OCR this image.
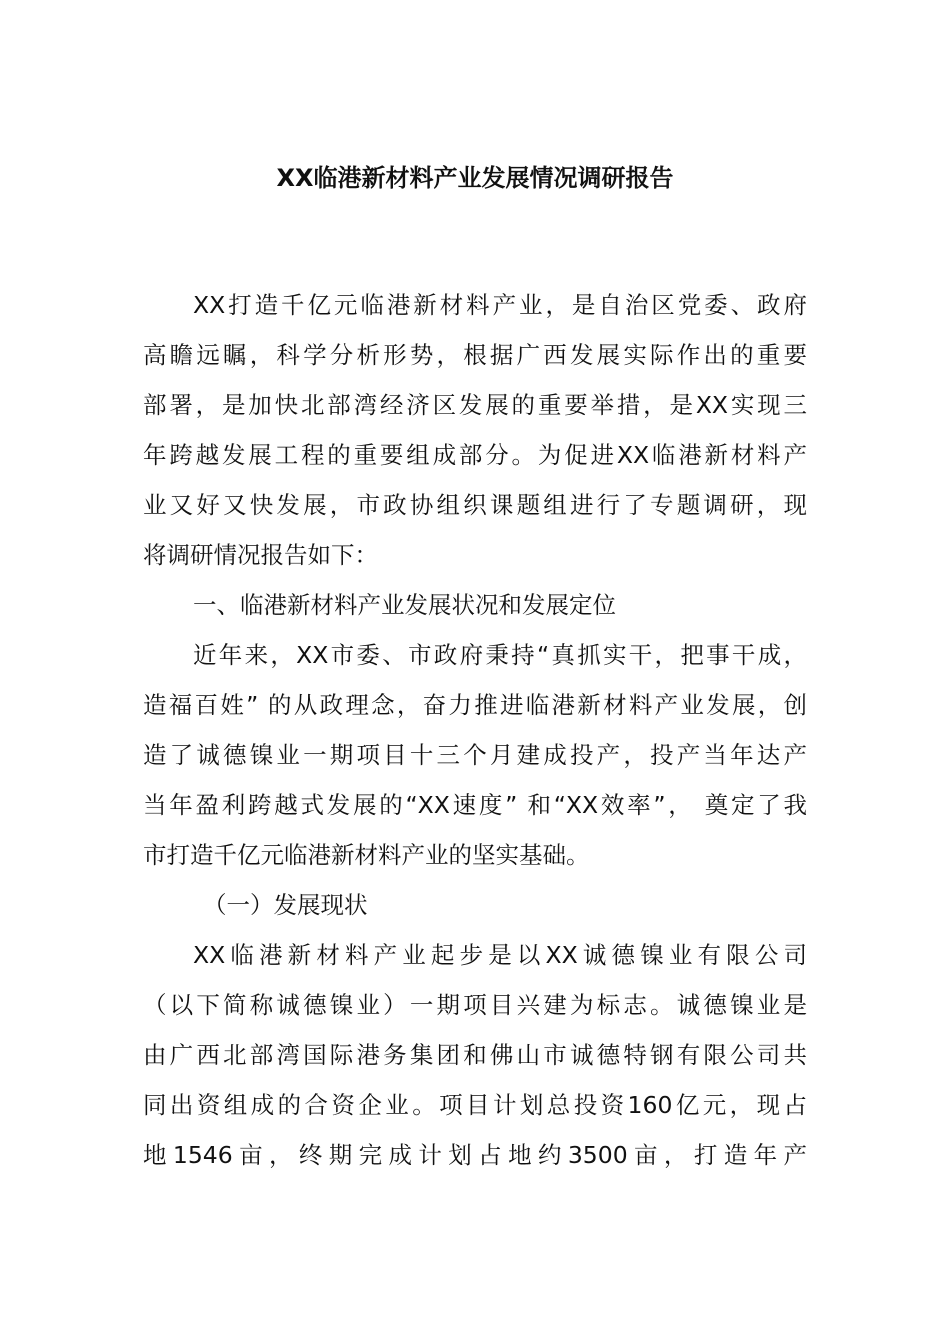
XX临港新材料产业发展情况调研报告
XX打造千亿元临港新材料产业，是自治区党委、政府
高瞻远瞩，科学分析形势，根据广西发展实际作出的重要
部署，是加快北部湾经济区发展的重要举措，是XX实现三
年跨越发展工程的重要组成部分。为促进XX临港新材料产
业又好又快发展，市政协组织课题组进行了专题调研，现
将调研情况报告如下：
一、临港新材料产业发展状况和发展定位
近年来，XX市委、市政府秉持“真抓实干，把事干成，
造福百姓” 的从政理念，奋力推进临港新材料产业发展，创
造了诚德镍业一期项目十三个月建成投产，投产当年达产
当年盈利跨越式发展的“XX速度” 和“XX效率”， 奠定了我
市打造千亿元临港新材料产业的坚实基础。
（一）发展现状
XX临港新材料产业起步是以XX诚德镍业有限公司
（以下简称诚德镍业）一期项目兴建为标志。诚德镍业是
由广西北部湾国际港务集团和佛山市诚德特钢有限公司共
同出资组成的合资企业。项目计划总投资160亿元，现占
地1546亩，终期完成计划占地约3500亩，打造年产
